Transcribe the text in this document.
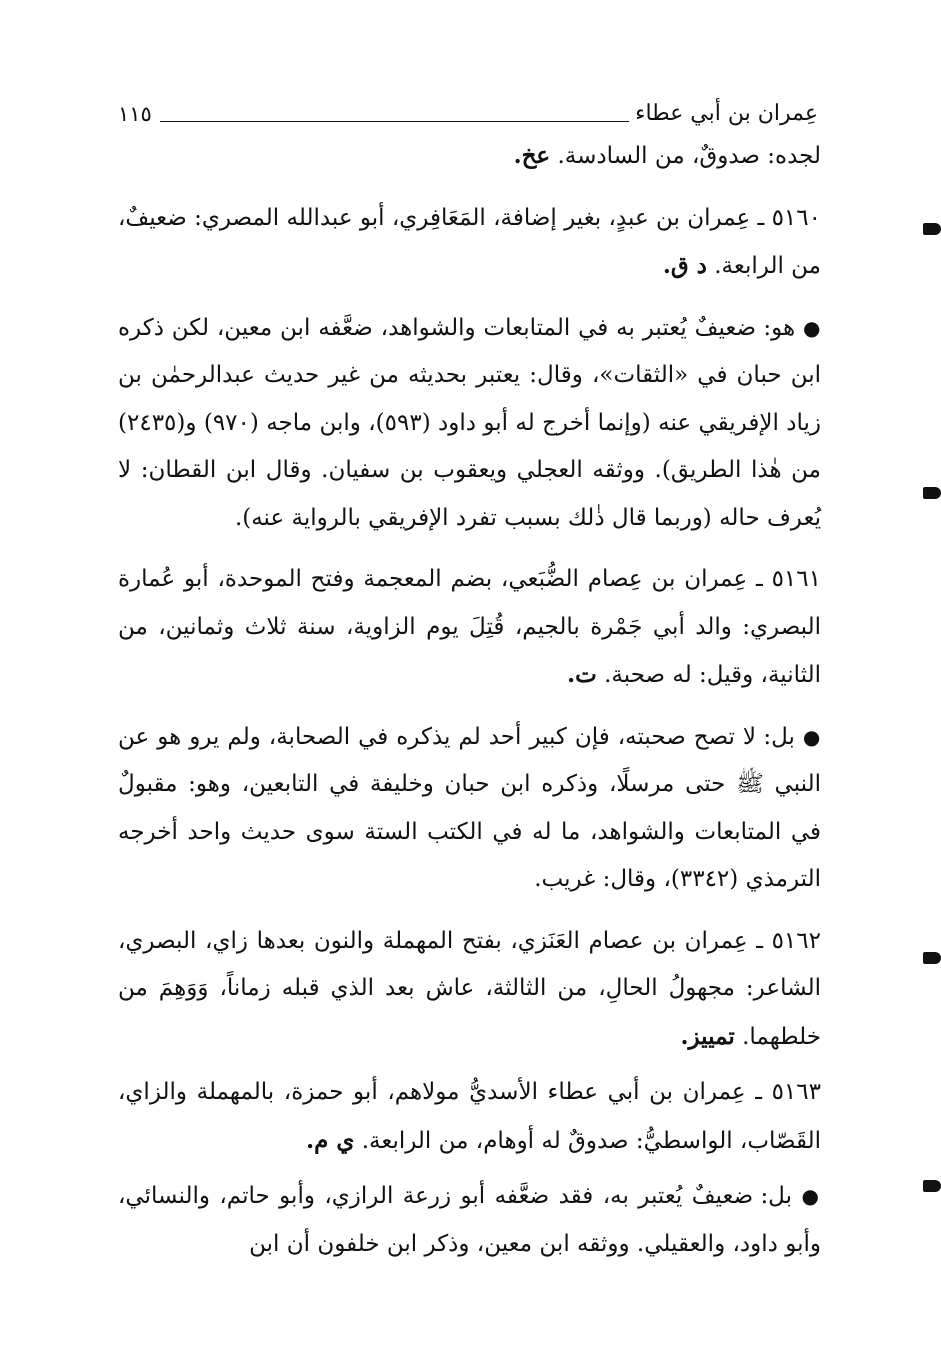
عِمران بن أبي عطاء
١١٥

لجده: صدوقٌ، من السادسة. عخ.

٥١٦٠ ـ عِمران بن عبدٍ، بغير إضافة، المَعَافِري، أبو عبدالله المصري: ضعيفٌ، من الرابعة. د ق.

● هو: ضعيفٌ يُعتبر به في المتابعات والشواهد، ضعَّفه ابن معين، لكن ذكره ابن حبان في «الثقات»، وقال: يعتبر بحديثه من غير حديث عبدالرحمٰن بن زياد الإفريقي عنه (وإنما أخرج له أبو داود (٥٩٣)، وابن ماجه (٩٧٠) و(٢٤٣٥) من هٰذا الطريق). ووثقه العجلي ويعقوب بن سفيان. وقال ابن القطان: لا يُعرف حاله (وربما قال ذٰلك بسبب تفرد الإفريقي بالرواية عنه).

٥١٦١ ـ عِمران بن عِصام الضُّبَعي، بضم المعجمة وفتح الموحدة، أبو عُمارة البصري: والد أبي جَمْرة بالجيم، قُتِلَ يوم الزاوية، سنة ثلاث وثمانين، من الثانية، وقيل: له صحبة. ت.

● بل: لا تصح صحبته، فإن كبير أحد لم يذكره في الصحابة، ولم يرو هو عن النبي ﷺ حتى مرسلًا، وذكره ابن حبان وخليفة في التابعين، وهو: مقبولٌ في المتابعات والشواهد، ما له في الكتب الستة سوى حديث واحد أخرجه الترمذي (٣٣٤٢)، وقال: غريب.

٥١٦٢ ـ عِمران بن عصام العَنَزي، بفتح المهملة والنون بعدها زاي، البصري، الشاعر: مجهولُ الحالِ، من الثالثة، عاش بعد الذي قبله زماناً، وَوَهِمَ من خلطهما. تمييز.

٥١٦٣ ـ عِمران بن أبي عطاء الأسديُّ مولاهم، أبو حمزة، بالمهملة والزاي، القَصّاب، الواسطيُّ: صدوقٌ له أوهام، من الرابعة. ي م.

● بل: ضعيفٌ يُعتبر به، فقد ضعَّفه أبو زرعة الرازي، وأبو حاتم، والنسائي، وأبو داود، والعقيلي. ووثقه ابن معين، وذكر ابن خلفون أن ابن
